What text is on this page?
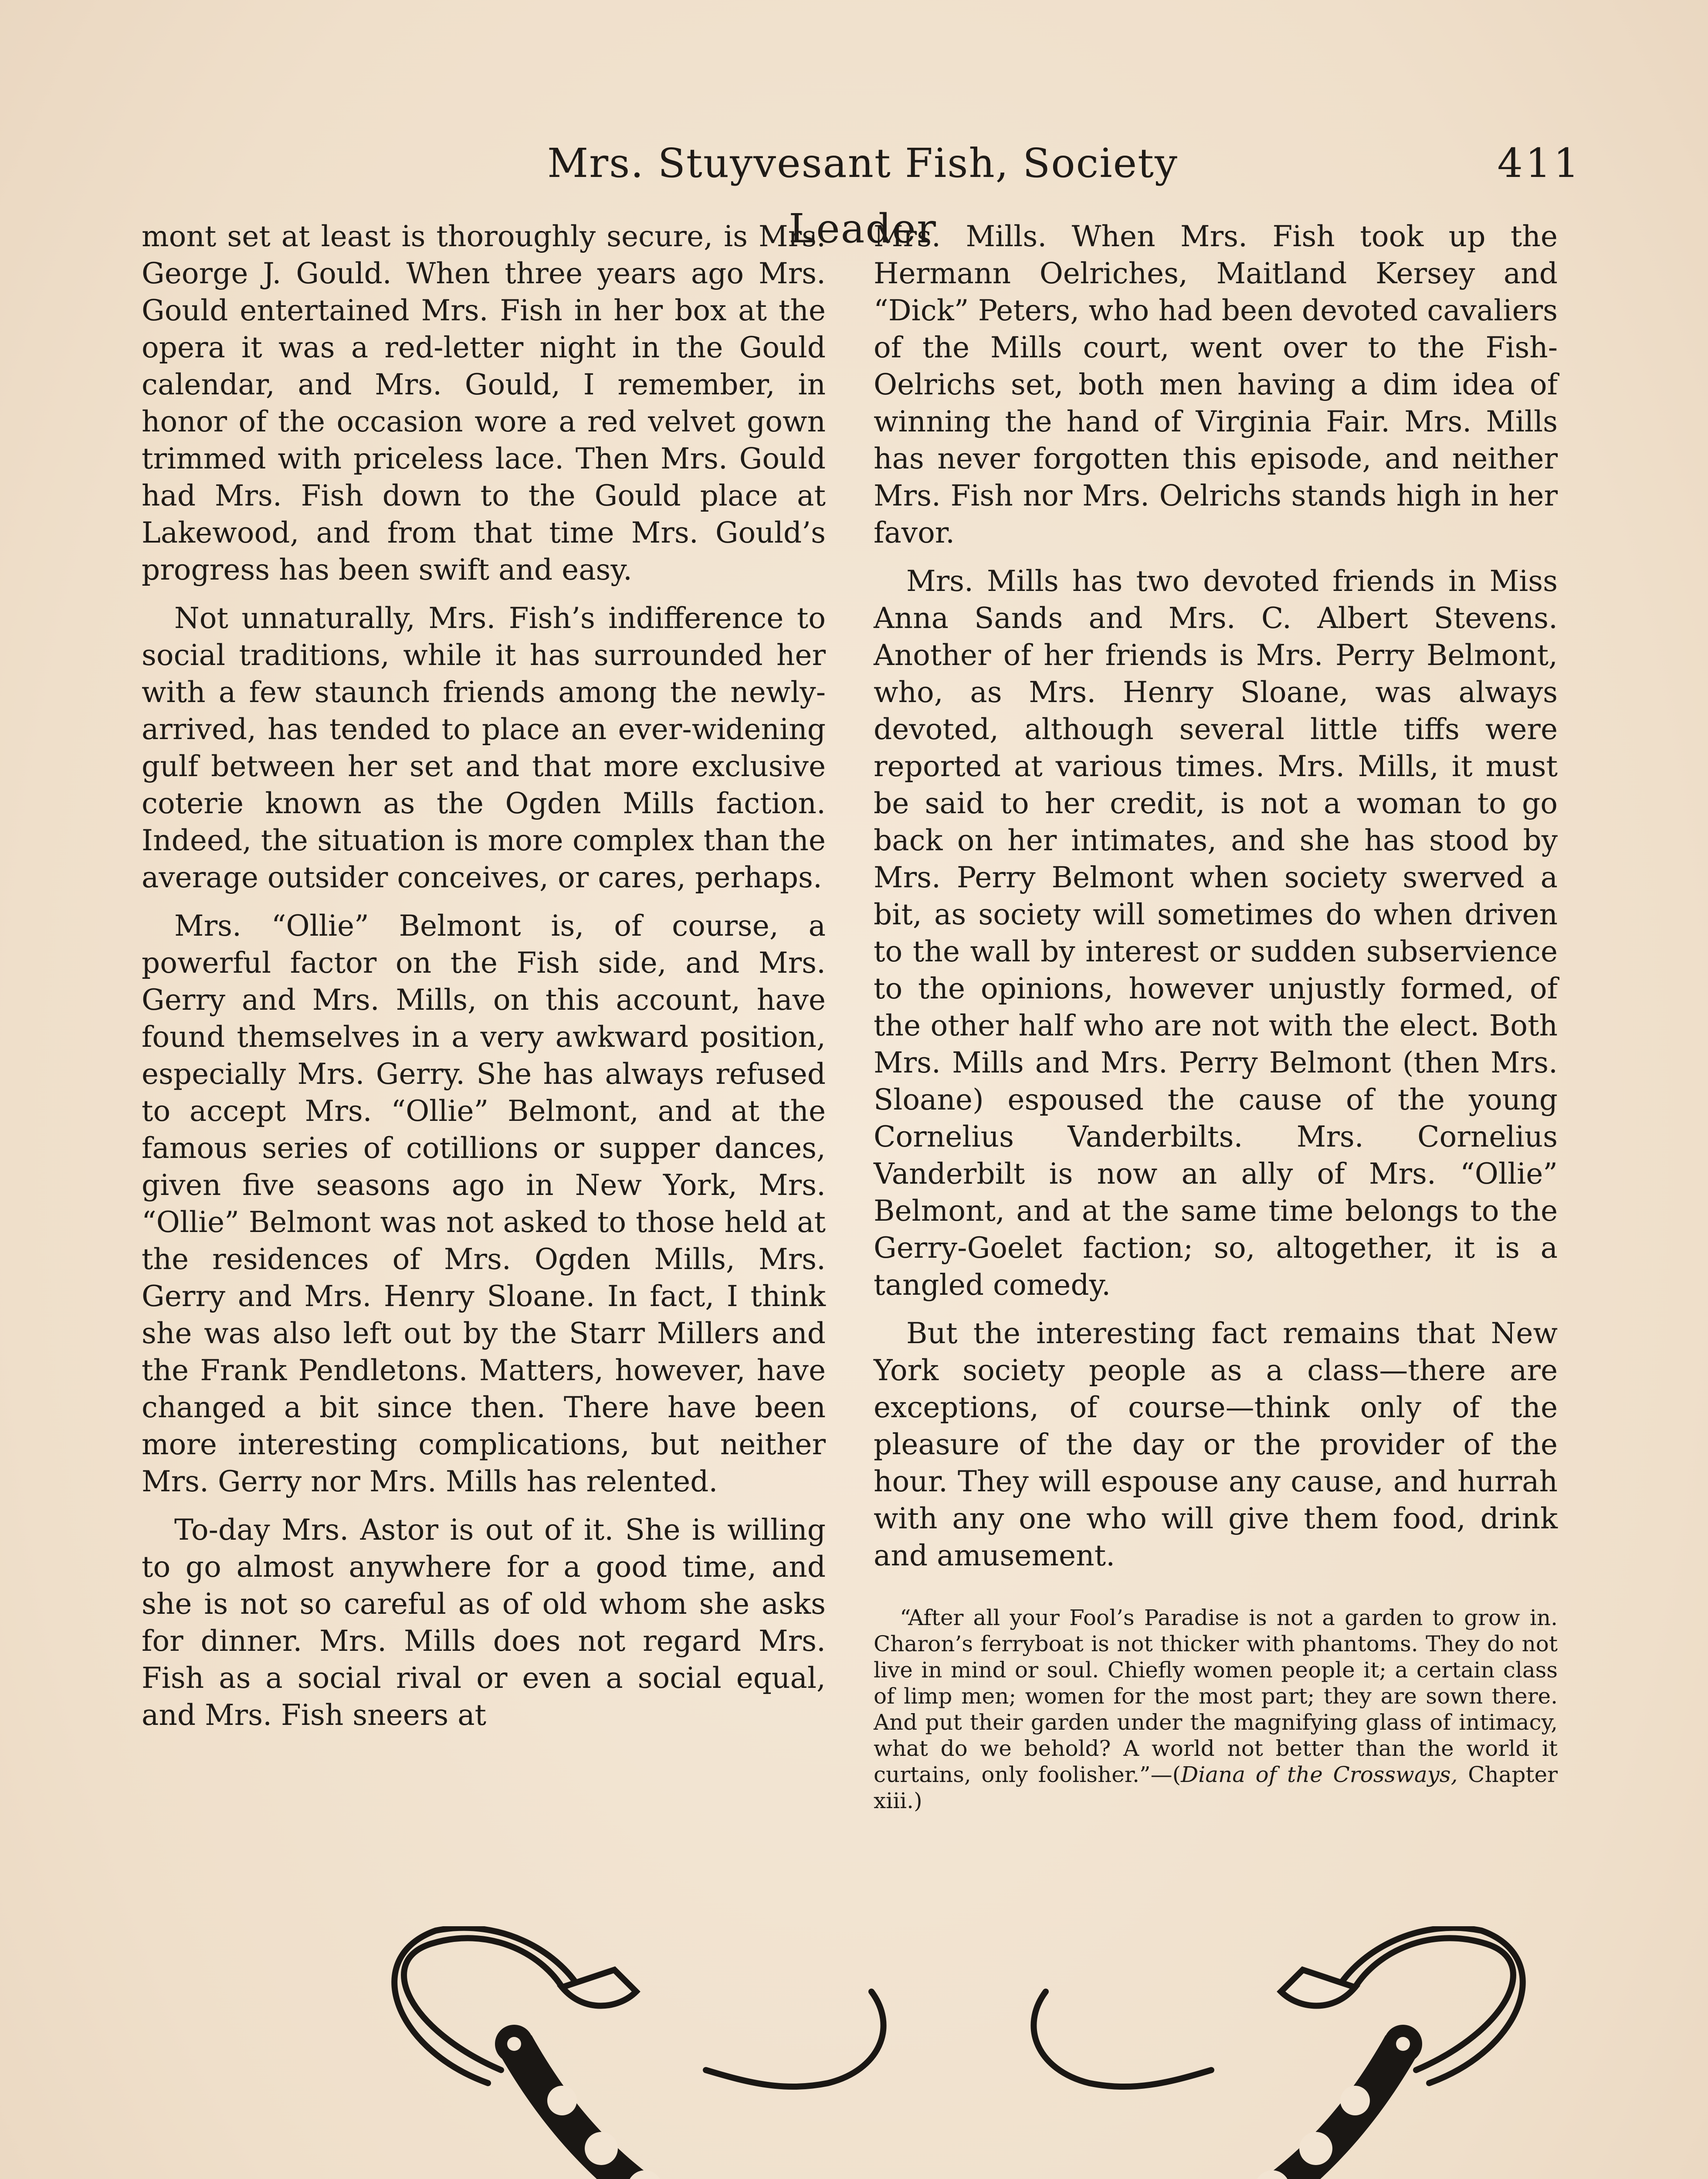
Mrs. Stuyvesant Fish, Society Leader
411

mont set at least is thoroughly secure, is Mrs. George J. Gould. When three years ago Mrs. Gould entertained Mrs. Fish in her box at the opera it was a red-letter night in the Gould calendar, and Mrs. Gould, I remember, in honor of the occasion wore a red velvet gown trimmed with priceless lace. Then Mrs. Gould had Mrs. Fish down to the Gould place at Lakewood, and from that time Mrs. Gould’s progress has been swift and easy.

Not unnaturally, Mrs. Fish’s indifference to social traditions, while it has surrounded her with a few staunch friends among the newly-arrived, has tended to place an ever-widening gulf between her set and that more exclusive coterie known as the Ogden Mills faction. Indeed, the situation is more complex than the average outsider conceives, or cares, perhaps.

Mrs. “Ollie” Belmont is, of course, a powerful factor on the Fish side, and Mrs. Gerry and Mrs. Mills, on this account, have found themselves in a very awkward position, especially Mrs. Gerry. She has always refused to accept Mrs. “Ollie” Belmont, and at the famous series of cotillions or supper dances, given five seasons ago in New York, Mrs. “Ollie” Belmont was not asked to those held at the residences of Mrs. Ogden Mills, Mrs. Gerry and Mrs. Henry Sloane. In fact, I think she was also left out by the Starr Millers and the Frank Pendletons. Matters, however, have changed a bit since then. There have been more interesting complications, but neither Mrs. Gerry nor Mrs. Mills has relented.

To-day Mrs. Astor is out of it. She is willing to go almost anywhere for a good time, and she is not so careful as of old whom she asks for dinner. Mrs. Mills does not regard Mrs. Fish as a social rival or even a social equal, and Mrs. Fish sneers at

Mrs. Mills. When Mrs. Fish took up the Hermann Oelriches, Maitland Kersey and “Dick” Peters, who had been devoted cavaliers of the Mills court, went over to the Fish-Oelrichs set, both men having a dim idea of winning the hand of Virginia Fair. Mrs. Mills has never forgotten this episode, and neither Mrs. Fish nor Mrs. Oelrichs stands high in her favor.

Mrs. Mills has two devoted friends in Miss Anna Sands and Mrs. C. Albert Stevens. Another of her friends is Mrs. Perry Belmont, who, as Mrs. Henry Sloane, was always devoted, although several little tiffs were reported at various times. Mrs. Mills, it must be said to her credit, is not a woman to go back on her intimates, and she has stood by Mrs. Perry Belmont when society swerved a bit, as society will sometimes do when driven to the wall by interest or sudden subservience to the opinions, however unjustly formed, of the other half who are not with the elect. Both Mrs. Mills and Mrs. Perry Belmont (then Mrs. Sloane) espoused the cause of the young Cornelius Vanderbilts. Mrs. Cornelius Vanderbilt is now an ally of Mrs. “Ollie” Belmont, and at the same time belongs to the Gerry-Goelet faction; so, altogether, it is a tangled comedy.

But the interesting fact remains that New York society people as a class—there are exceptions, of course—think only of the pleasure of the day or the provider of the hour. They will espouse any cause, and hurrah with any one who will give them food, drink and amusement.

“After all your Fool’s Paradise is not a garden to grow in. Charon’s ferryboat is not thicker with phantoms. They do not live in mind or soul. Chiefly women people it; a certain class of limp men; women for the most part; they are sown there. And put their garden under the magnifying glass of intimacy, what do we behold? A world not better than the world it curtains, only foolisher.”—(Diana of the Crossways, Chapter xiii.)
